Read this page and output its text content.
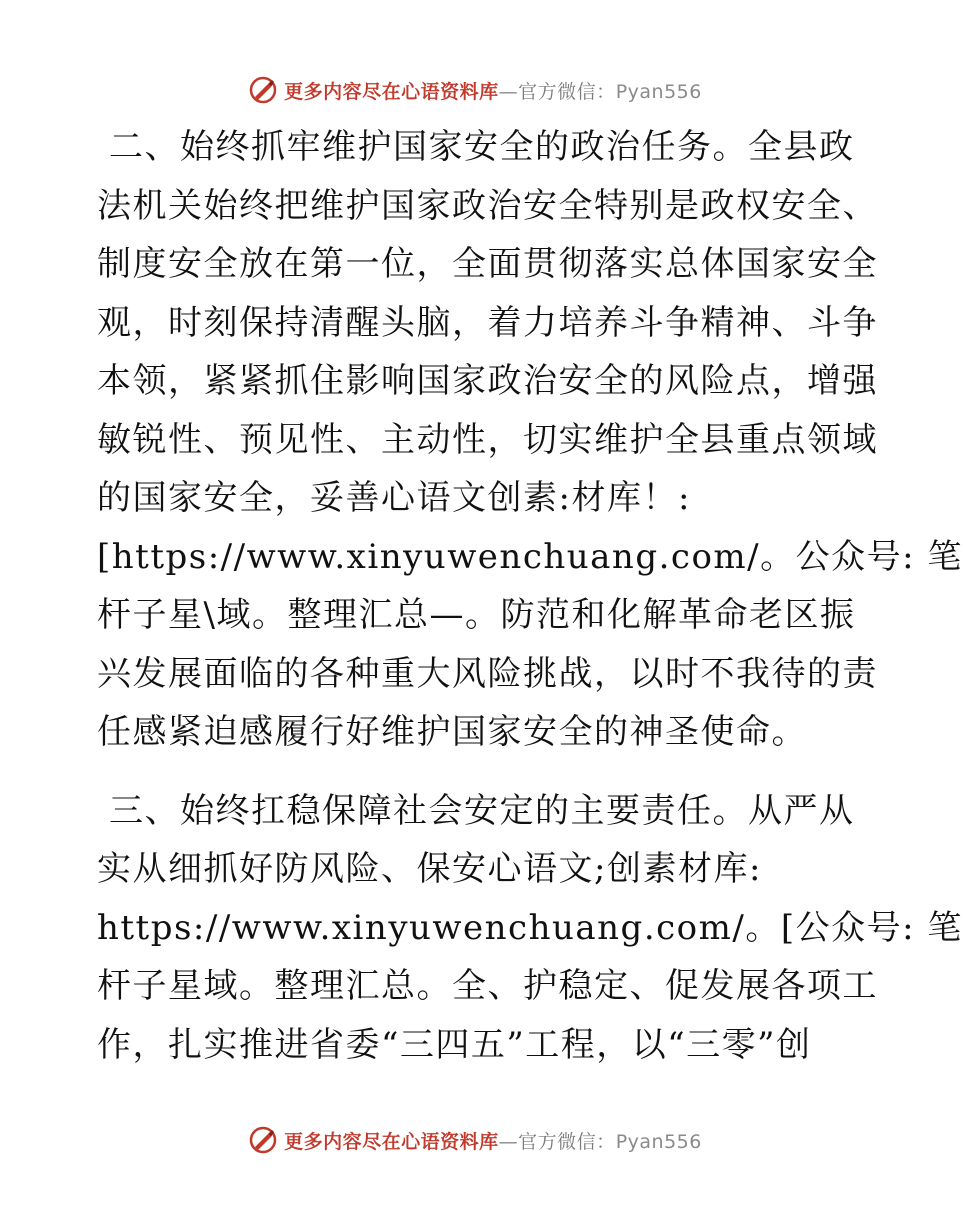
更多内容尽在心语资料库—官方微信：Pyan556

二、始终抓牢维护国家安全的政治任务。全县政
法机关始终把维护国家政治安全特别是政权安全、
制度安全放在第一位，全面贯彻落实总体国家安全
观，时刻保持清醒头脑，着力培养斗争精神、斗争
本领，紧紧抓住影响国家政治安全的风险点，增强
敏锐性、预见性、主动性，切实维护全县重点领域
的国家安全，妥善心语文创素:材库！:
[https://www.xinyuwenchuang.com/。公众号: 笔
杆子星\域。整理汇总—。防范和化解革命老区振
兴发展面临的各种重大风险挑战，以时不我待的责
任感紧迫感履行好维护国家安全的神圣使命。

三、始终扛稳保障社会安定的主要责任。从严从
实从细抓好防风险、保安心语文;创素材库:
https://www.xinyuwenchuang.com/。[公众号: 笔
杆子星域。整理汇总。全、护稳定、促发展各项工
作，扎实推进省委“三四五”工程，以“三零”创

更多内容尽在心语资料库—官方微信：Pyan556
